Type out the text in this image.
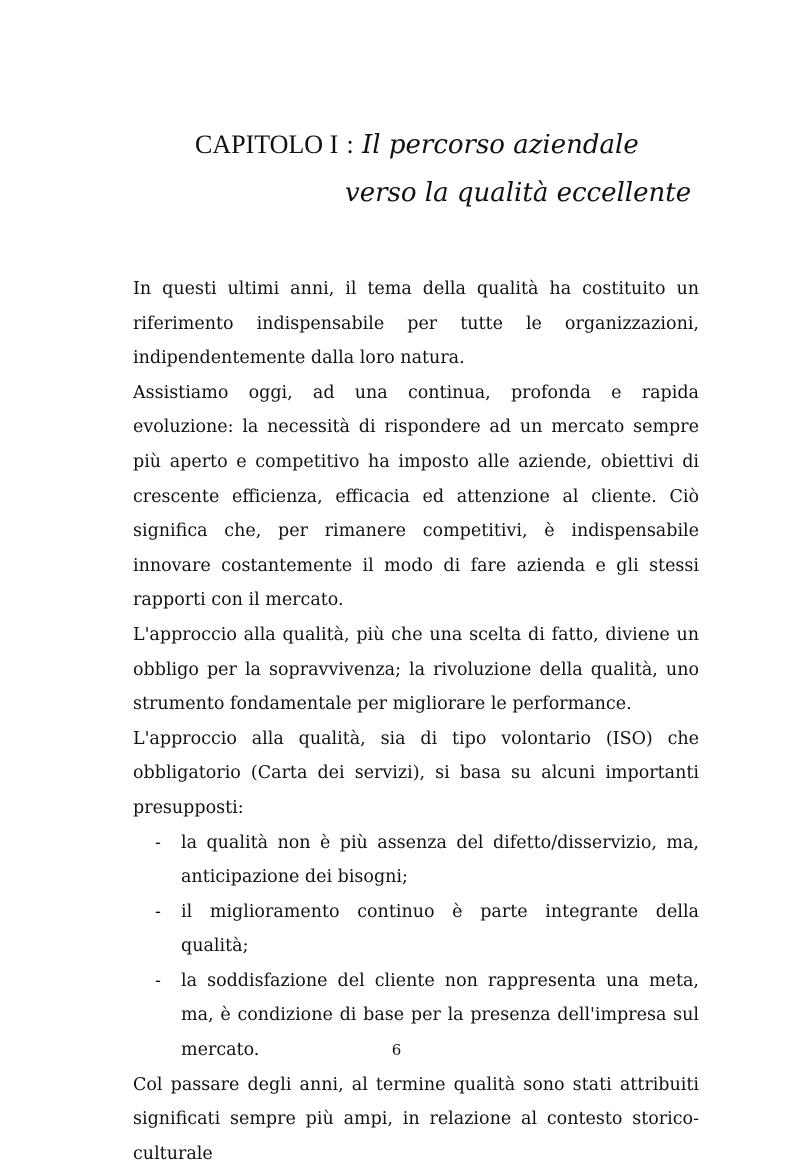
CAPITOLO I : Il percorso aziendale
verso la qualità eccellente

In questi ultimi anni, il tema della qualità ha costituito un riferimento indispensabile per tutte le organizzazioni, indipendentemente dalla loro natura.

Assistiamo oggi, ad una continua, profonda e rapida evoluzione: la necessità di rispondere ad un mercato sempre più aperto e competitivo ha imposto alle aziende, obiettivi di crescente efficienza, efficacia ed attenzione al cliente. Ciò significa che, per rimanere competitivi, è indispensabile innovare costantemente il modo di fare azienda e gli stessi rapporti con il mercato.

L'approccio alla qualità, più che una scelta di fatto, diviene un obbligo per la sopravvivenza; la rivoluzione della qualità, uno strumento fondamentale per migliorare le performance.

L'approccio alla qualità, sia di tipo volontario (ISO) che obbligatorio (Carta dei servizi), si basa su alcuni importanti presupposti:

- la qualità non è più assenza del difetto/disservizio, ma, anticipazione dei bisogni;
- il miglioramento continuo è parte integrante della qualità;
- la soddisfazione del cliente non rappresenta una meta, ma, è condizione di base per la presenza dell'impresa sul mercato.

Col passare degli anni, al termine qualità sono stati attribuiti significati sempre più ampi, in relazione al contesto storico-culturale

6
